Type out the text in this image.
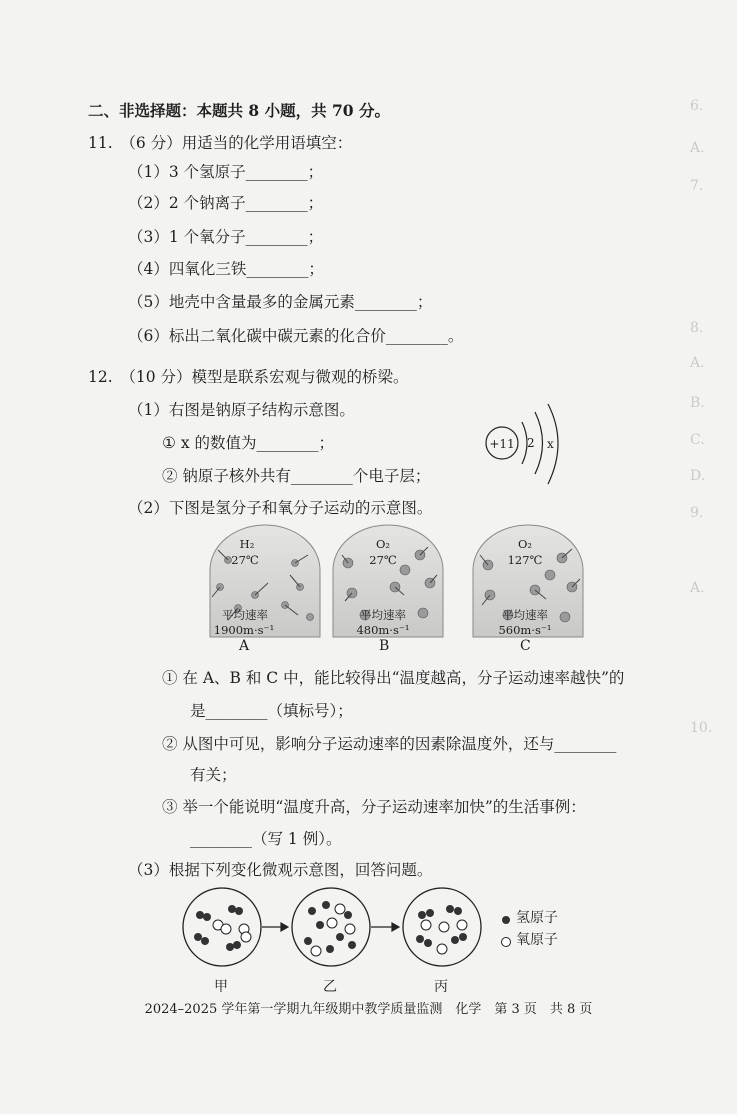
6.
A.
7.
8.
A.
B.
C.
D.
9.
A.
10.
二、非选择题：本题共 8 小题，共 70 分。
11.　（6 分）用适当的化学用语填空：
（1）3 个氢原子________；
（2）2 个钠离子________；
（3）1 个氧分子________；
（4）四氧化三铁________；
（5）地壳中含量最多的金属元素________；
（6）标出二氧化碳中碳元素的化合价________。
12.　（10 分）模型是联系宏观与微观的桥梁。
（1）右图是钠原子结构示意图。
① x 的数值为________；
② 钠原子核外共有________个电子层；
+11 2 x
（2）下图是氢分子和氧分子运动的示意图。
H₂
27℃
平均速率
1900m·s⁻¹
A
O₂
27℃
平均速率
480m·s⁻¹
B
O₂
127℃
平均速率
560m·s⁻¹
C
① 在 A、B 和 C 中，能比较得出“温度越高，分子运动速率越快”的
是________（填标号）；
② 从图中可见，影响分子运动速率的因素除温度外，还与________
有关；
③ 举一个能说明“温度升高，分子运动速率加快”的生活事例：
________（写 1 例）。
（3）根据下列变化微观示意图，回答问题。
甲	乙	丙
氢原子
氧原子
2024–2025 学年第一学期九年级期中教学质量监测　化学　第 3 页　共 8 页
